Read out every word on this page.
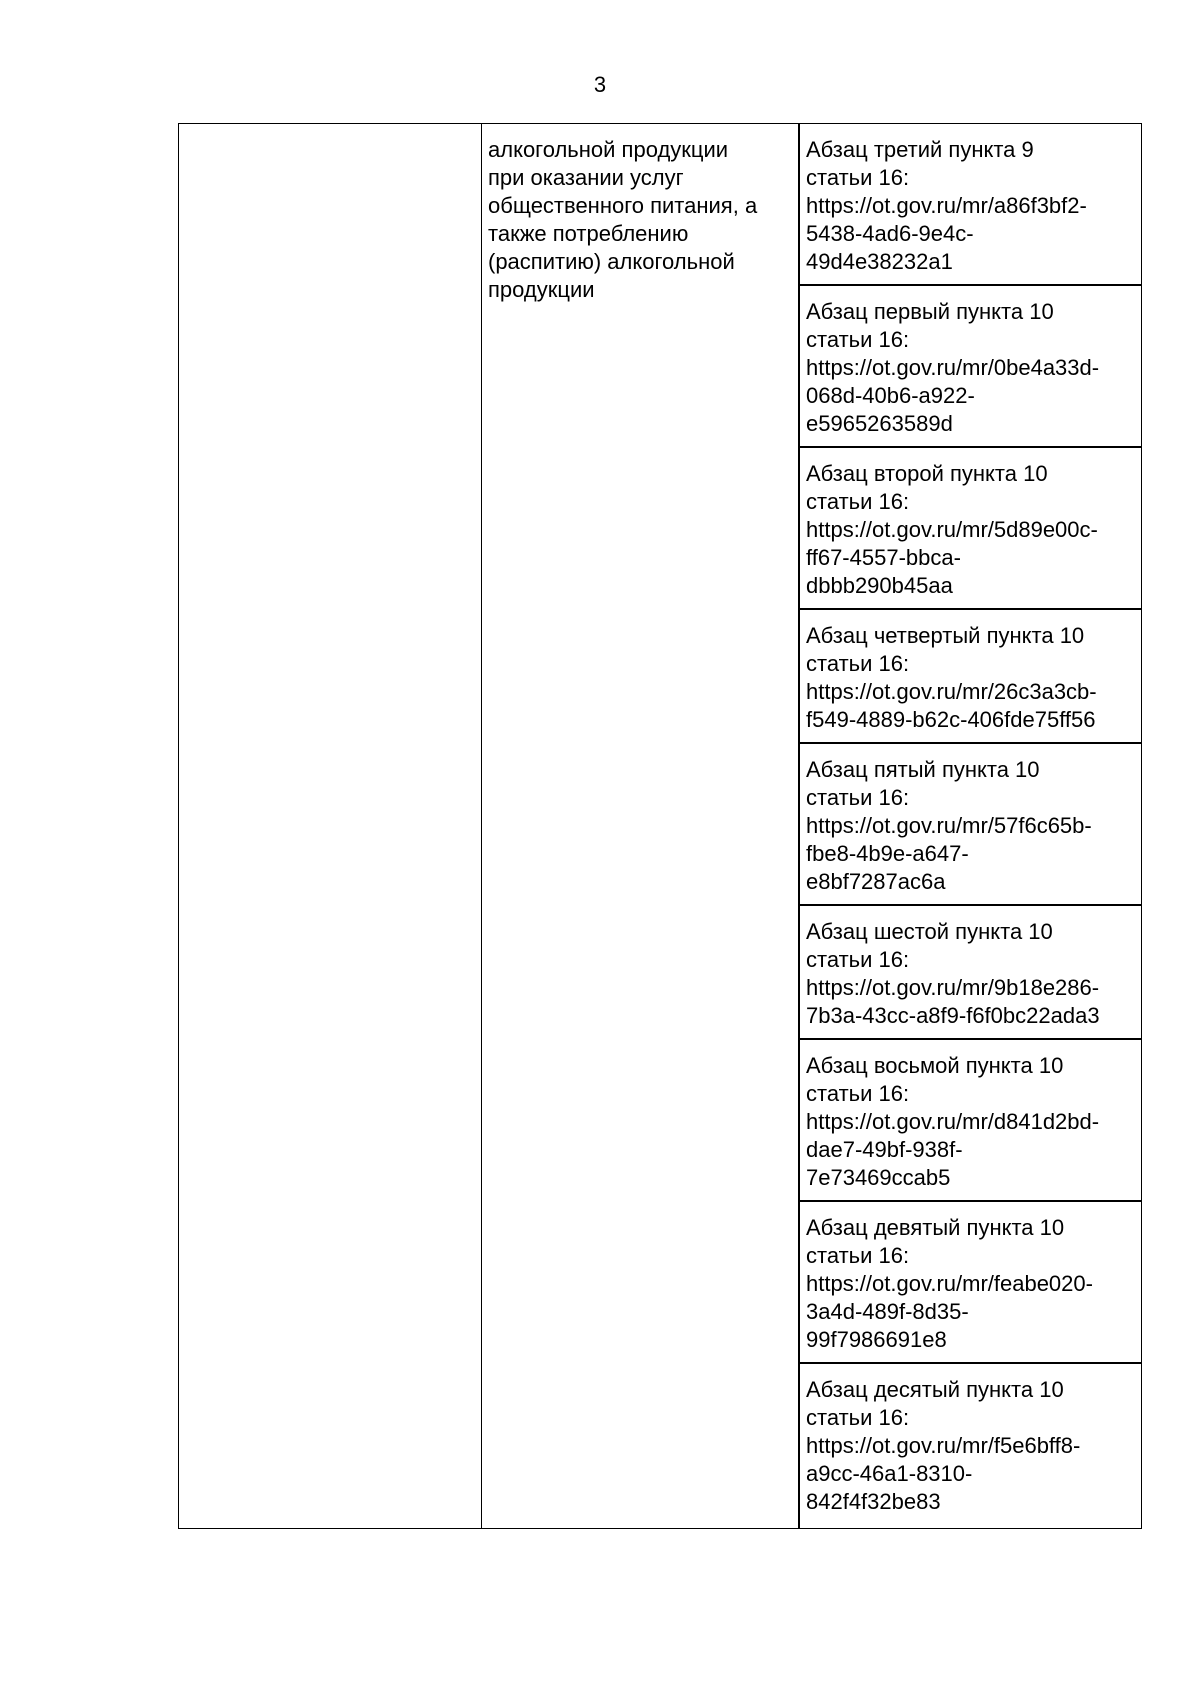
3
алкогольной продукции
при оказании услуг
общественного питания, а
также потреблению
(распитию) алкогольной
продукции
Абзац третий пункта 9
статьи 16:
https://ot.gov.ru/mr/a86f3bf2-
5438-4ad6-9e4c-
49d4e38232a1
Абзац первый пункта 10
статьи 16:
https://ot.gov.ru/mr/0be4a33d-
068d-40b6-a922-
e5965263589d
Абзац второй пункта 10
статьи 16:
https://ot.gov.ru/mr/5d89e00c-
ff67-4557-bbca-
dbbb290b45aa
Абзац четвертый пункта 10
статьи 16:
https://ot.gov.ru/mr/26c3a3cb-
f549-4889-b62c-406fde75ff56
Абзац пятый пункта 10
статьи 16:
https://ot.gov.ru/mr/57f6c65b-
fbe8-4b9e-a647-
e8bf7287ac6a
Абзац шестой пункта 10
статьи 16:
https://ot.gov.ru/mr/9b18e286-
7b3a-43cc-a8f9-f6f0bc22ada3
Абзац восьмой пункта 10
статьи 16:
https://ot.gov.ru/mr/d841d2bd-
dae7-49bf-938f-
7e73469ccab5
Абзац девятый пункта 10
статьи 16:
https://ot.gov.ru/mr/feabe020-
3a4d-489f-8d35-
99f7986691e8
Абзац десятый пункта 10
статьи 16:
https://ot.gov.ru/mr/f5e6bff8-
a9cc-46a1-8310-
842f4f32be83
